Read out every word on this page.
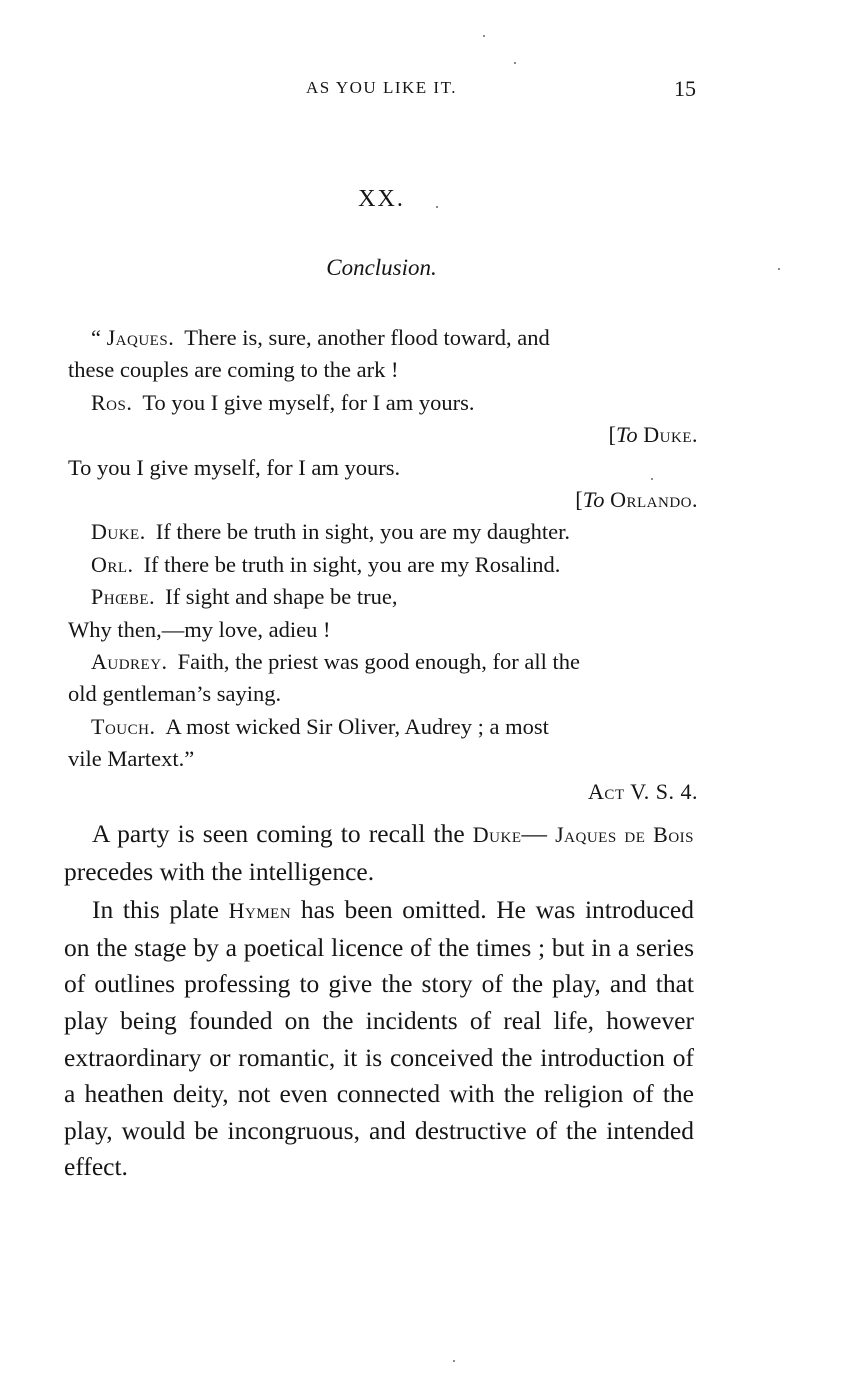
AS YOU LIKE IT.	15
XX.
Conclusion.

“ Jaques. There is, sure, another flood toward, and

these couples are coming to the ark !

Ros. To you I give myself, for I am yours.

[To Duke.

To you I give myself, for I am yours.

[To Orlando.

Duke. If there be truth in sight, you are my daughter.

Orl. If there be truth in sight, you are my Rosalind.

Phœbe. If sight and shape be true,

Why then,—my love, adieu !

Audrey. Faith, the priest was good enough, for all the

old gentleman’s saying.

Touch. A most wicked Sir Oliver, Audrey ; a most

vile Martext.”

Act V. S. 4.

A party is seen coming to recall the Duke— Jaques de Bois precedes with the intelligence.

In this plate Hymen has been omitted. He was introduced on the stage by a poetical licence of the times ; but in a series of outlines professing to give the story of the play, and that play being founded on the incidents of real life, however extraordinary or romantic, it is conceived the introduction of a heathen deity, not even connected with the religion of the play, would be incongruous, and destructive of the intended effect.
